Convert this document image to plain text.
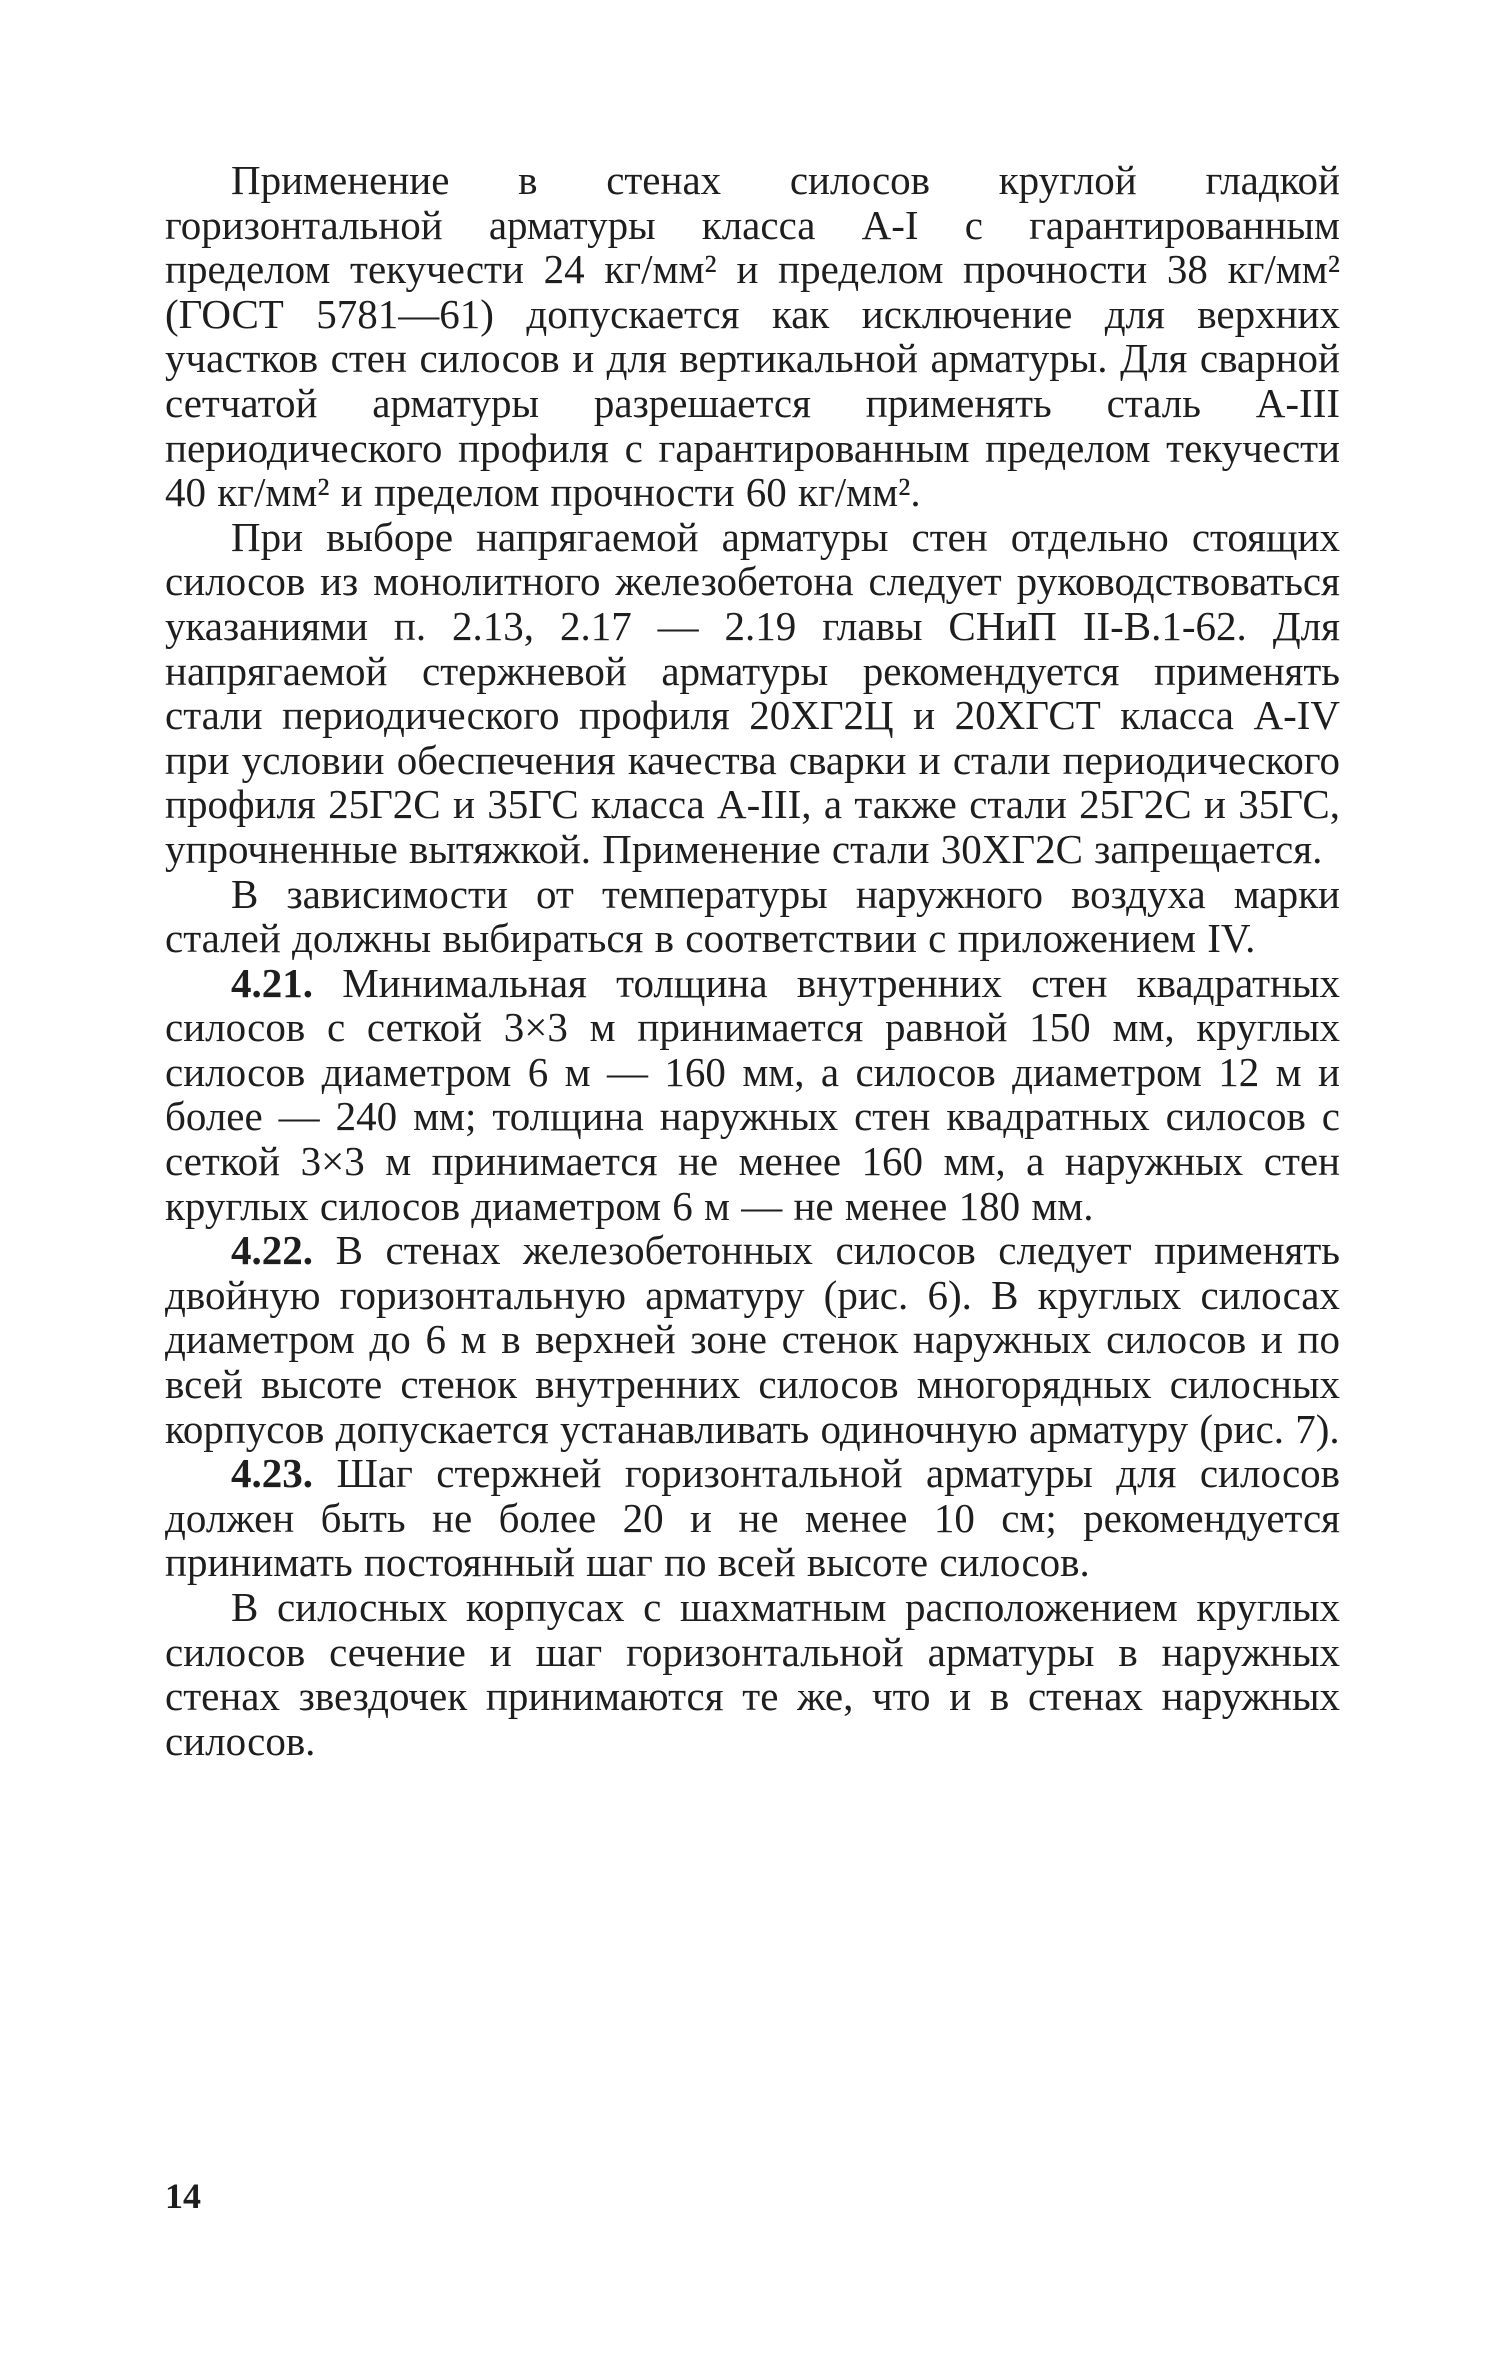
Применение в стенах силосов круглой гладкой горизонтальной арматуры класса А-I с гарантированным пределом текучести 24 кг/мм² и пределом прочности 38 кг/мм² (ГОСТ 5781—61) допускается как исключение для верхних участков стен силосов и для вертикальной арматуры. Для сварной сетчатой арматуры разрешается применять сталь А-III периодического профиля с гарантированным пределом текучести 40 кг/мм² и пределом прочности 60 кг/мм².

При выборе напрягаемой арматуры стен отдельно стоящих силосов из монолитного железобетона следует руководствоваться указаниями п. 2.13, 2.17 — 2.19 главы СНиП II-В.1-62. Для напрягаемой стержневой арматуры рекомендуется применять стали периодического профиля 20ХГ2Ц и 20ХГСТ класса А-IV при условии обеспечения качества сварки и стали периодического профиля 25Г2С и 35ГС класса А-III, а также стали 25Г2С и 35ГС, упрочненные вытяжкой. Применение стали 30ХГ2С запрещается.

В зависимости от температуры наружного воздуха марки сталей должны выбираться в соответствии с приложением IV.

4.21. Минимальная толщина внутренних стен квадратных силосов с сеткой 3×3 м принимается равной 150 мм, круглых силосов диаметром 6 м — 160 мм, а силосов диаметром 12 м и более — 240 мм; толщина наружных стен квадратных силосов с сеткой 3×3 м принимается не менее 160 мм, а наружных стен круглых силосов диаметром 6 м — не менее 180 мм.

4.22. В стенах железобетонных силосов следует применять двойную горизонтальную арматуру (рис. 6). В круглых силосах диаметром до 6 м в верхней зоне стенок наружных силосов и по всей высоте стенок внутренних силосов многорядных силосных корпусов допускается устанавливать одиночную арматуру (рис. 7).

4.23. Шаг стержней горизонтальной арматуры для силосов должен быть не более 20 и не менее 10 см; рекомендуется принимать постоянный шаг по всей высоте силосов.

В силосных корпусах с шахматным расположением круглых силосов сечение и шаг горизонтальной арматуры в наружных стенах звездочек принимаются те же, что и в стенах наружных силосов.

14
